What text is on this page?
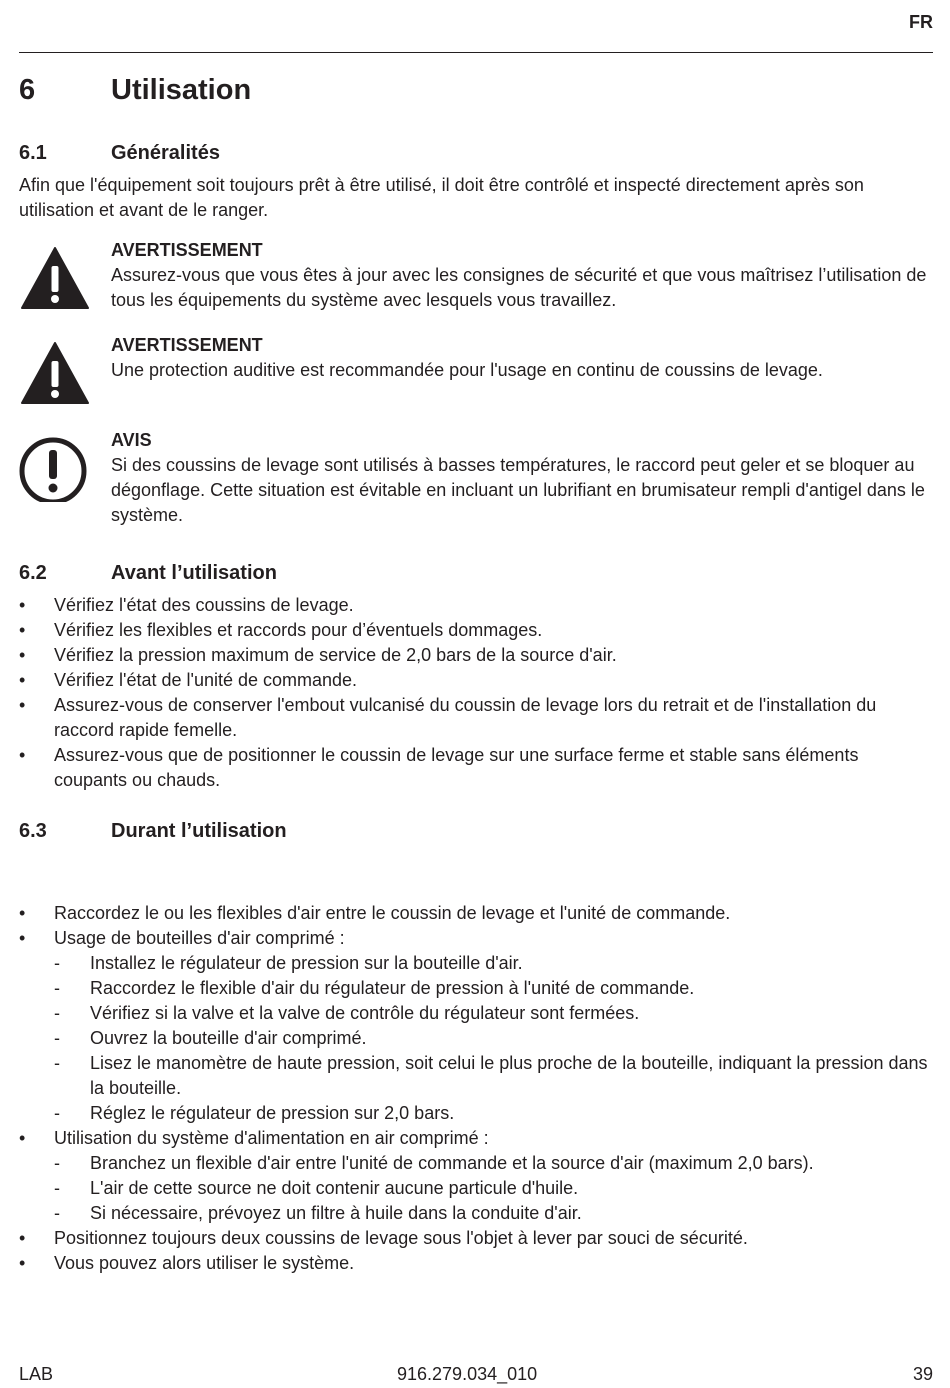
FR
6	Utilisation
6.1	Généralités
Afin que l'équipement soit toujours prêt à être utilisé, il doit être contrôlé et inspecté directement après son utilisation et avant de le ranger.
AVERTISSEMENT
Assurez-vous que vous êtes à jour avec les consignes de sécurité et que vous maîtrisez l’utilisation de tous les équipements du système avec lesquels vous travaillez.
AVERTISSEMENT
Une protection auditive est recommandée pour l'usage en continu de coussins de levage.
AVIS
Si des coussins de levage sont utilisés à basses températures, le raccord peut geler et se bloquer au dégonflage. Cette situation est évitable en incluant un lubrifiant en brumisateur rempli d'antigel dans le système.
6.2	Avant l’utilisation
• Vérifiez l'état des coussins de levage.
• Vérifiez les flexibles et raccords pour d’éventuels dommages.
• Vérifiez la pression maximum de service de 2,0 bars de la source d'air.
• Vérifiez l'état de l'unité de commande.
• Assurez-vous de conserver l'embout vulcanisé du coussin de levage lors du retrait et de l'installation du raccord rapide femelle.
• Assurez-vous que de positionner le coussin de levage sur une surface ferme et stable sans éléments coupants ou chauds.
6.3	Durant l’utilisation
• Raccordez le ou les flexibles d'air entre le coussin de levage et l'unité de commande.
• Usage de bouteilles d'air comprimé :
- Installez le régulateur de pression sur la bouteille d'air.
- Raccordez le flexible d'air du régulateur de pression à l'unité de commande.
- Vérifiez si la valve et la valve de contrôle du régulateur sont fermées.
- Ouvrez la bouteille d'air comprimé.
- Lisez le manomètre de haute pression, soit celui le plus proche de la bouteille, indiquant la pression dans la bouteille.
- Réglez le régulateur de pression sur 2,0 bars.
• Utilisation du système d'alimentation en air comprimé :
- Branchez un flexible d'air entre l'unité de commande et la source d'air (maximum 2,0 bars).
- L'air de cette source ne doit contenir aucune particule d'huile.
- Si nécessaire, prévoyez un filtre à huile dans la conduite d'air.
• Positionnez toujours deux coussins de levage sous l'objet à lever par souci de sécurité.
• Vous pouvez alors utiliser le système.
LAB	916.279.034_010	39
